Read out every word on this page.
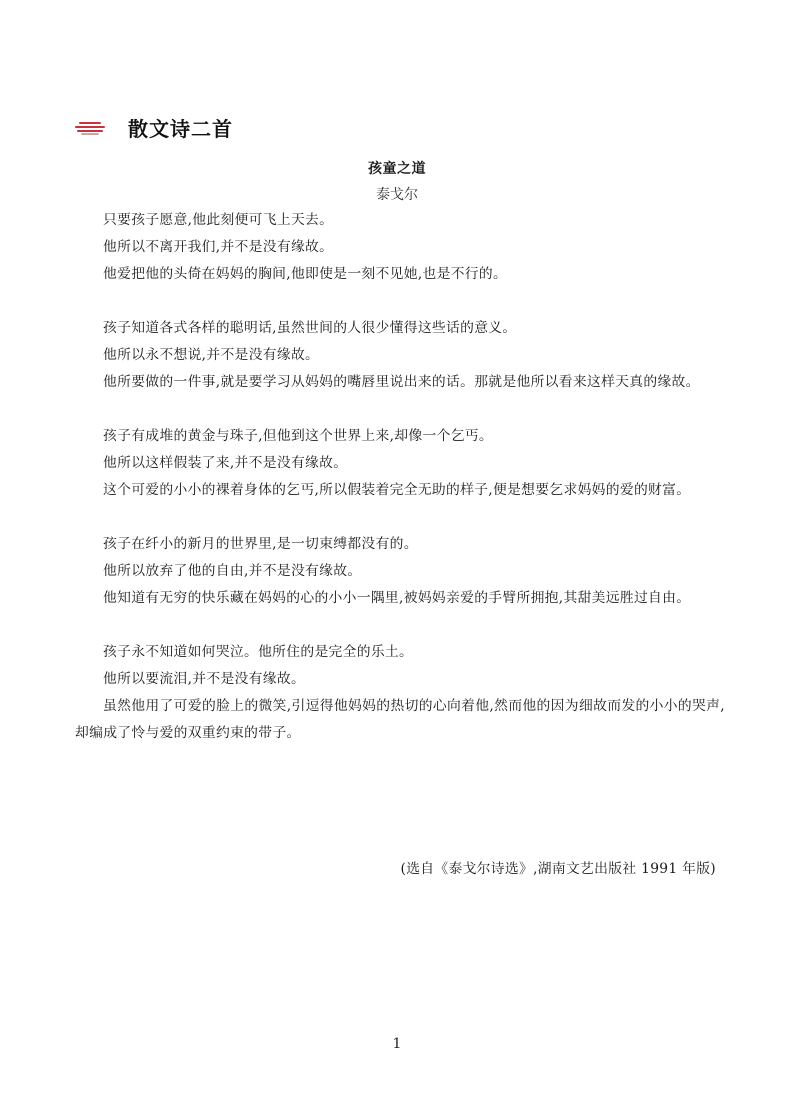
散文诗二首
孩童之道
泰戈尔

只要孩子愿意,他此刻便可飞上天去。

他所以不离开我们,并不是没有缘故。

他爱把他的头倚在妈妈的胸间,他即使是一刻不见她,也是不行的。

孩子知道各式各样的聪明话,虽然世间的人很少懂得这些话的意义。

他所以永不想说,并不是没有缘故。

他所要做的一件事,就是要学习从妈妈的嘴唇里说出来的话。那就是他所以看来这样天真的缘故。

孩子有成堆的黄金与珠子,但他到这个世界上来,却像一个乞丐。

他所以这样假装了来,并不是没有缘故。

这个可爱的小小的裸着身体的乞丐,所以假装着完全无助的样子,便是想要乞求妈妈的爱的财富。

孩子在纤小的新月的世界里,是一切束缚都没有的。

他所以放弃了他的自由,并不是没有缘故。

他知道有无穷的快乐藏在妈妈的心的小小一隅里,被妈妈亲爱的手臂所拥抱,其甜美远胜过自由。

孩子永不知道如何哭泣。他所住的是完全的乐土。

他所以要流泪,并不是没有缘故。

虽然他用了可爱的脸上的微笑,引逗得他妈妈的热切的心向着他,然而他的因为细故而发的小小的哭声,却编成了怜与爱的双重约束的带子。

(选自《泰戈尔诗选》,湖南文艺出版社 1991 年版)
1
